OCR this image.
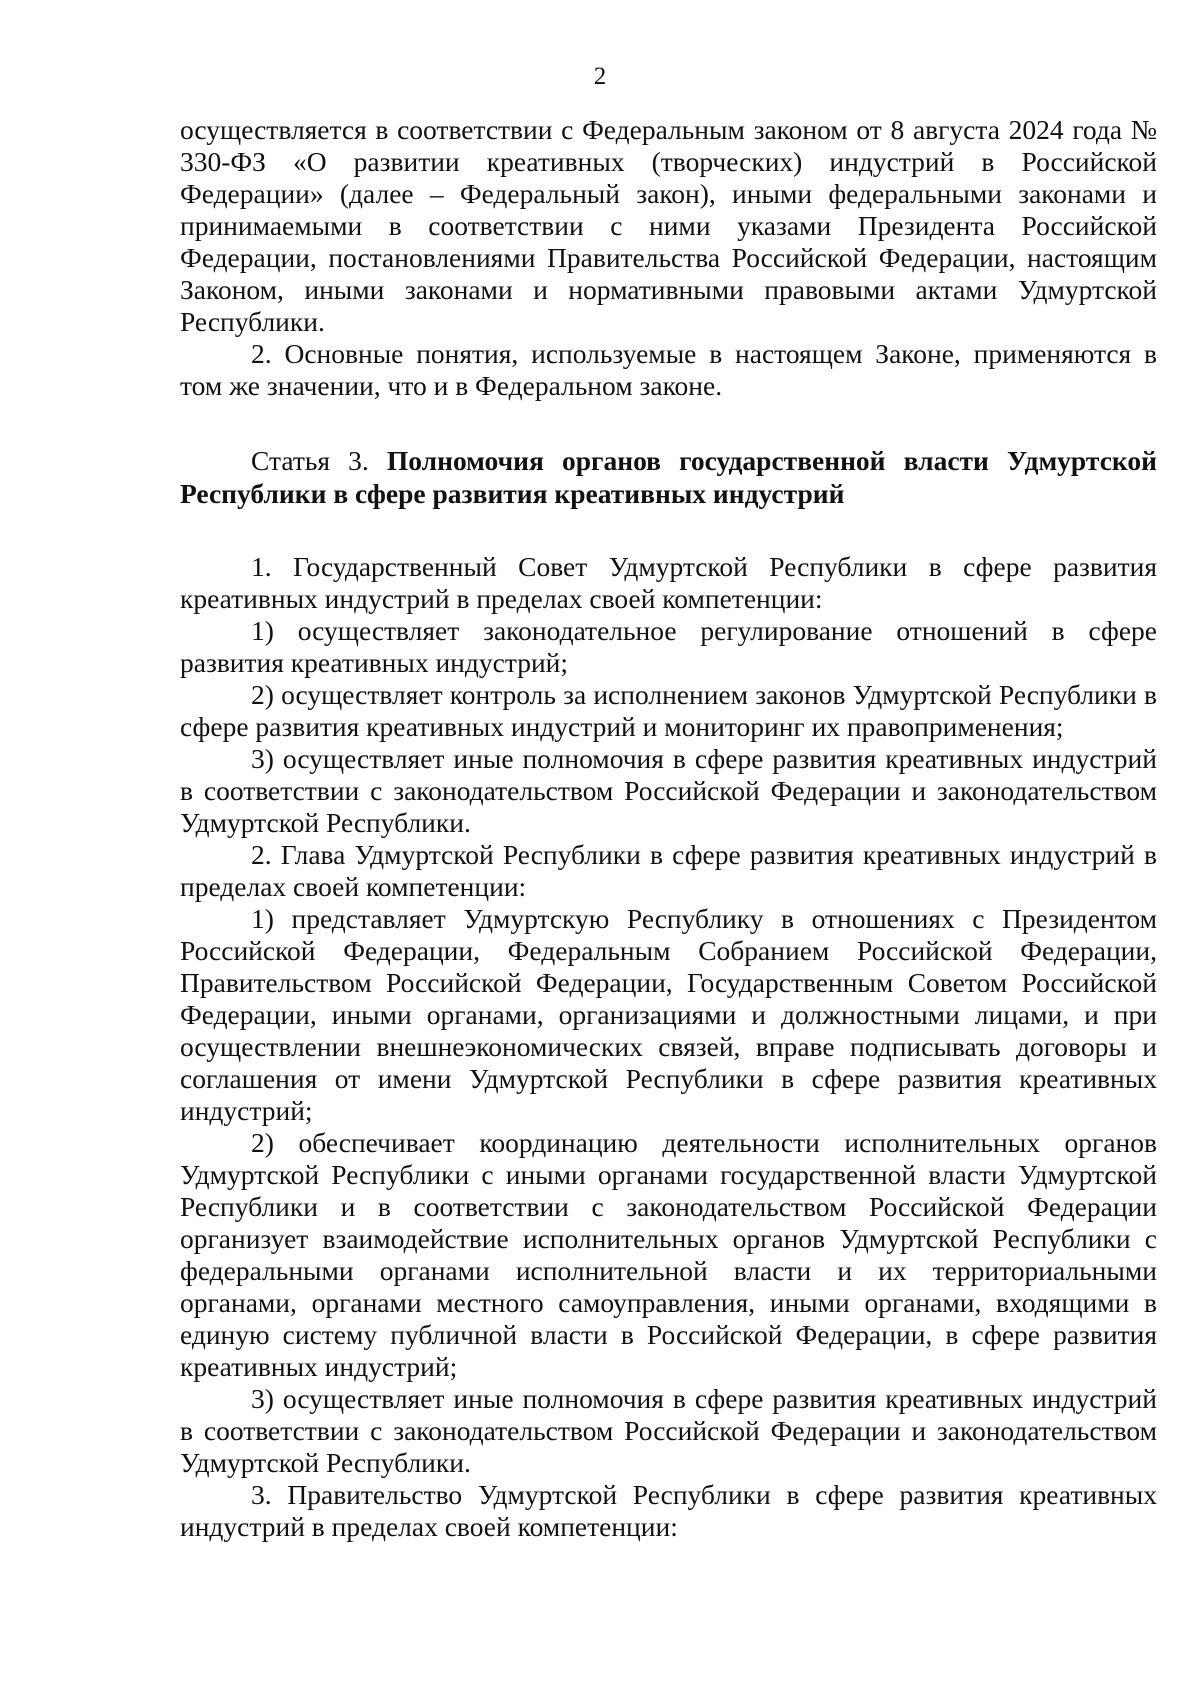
2

осуществляется в соответствии с Федеральным законом от 8 августа 2024 года № 330-ФЗ «О развитии креативных (творческих) индустрий в Российской Федерации» (далее – Федеральный закон), иными федеральными законами и принимаемыми в соответствии с ними указами Президента Российской Федерации, постановлениями Правительства Российской Федерации, настоящим Законом, иными законами и нормативными правовыми актами Удмуртской Республики.

2. Основные понятия, используемые в настоящем Законе, применяются в том же значении, что и в Федеральном законе.

Статья 3. Полномочия органов государственной власти Удмуртской Республики в сфере развития креативных индустрий

1. Государственный Совет Удмуртской Республики в сфере развития креативных индустрий в пределах своей компетенции:

1) осуществляет законодательное регулирование отношений в сфере развития креативных индустрий;

2) осуществляет контроль за исполнением законов Удмуртской Республики в сфере развития креативных индустрий и мониторинг их правоприменения;

3) осуществляет иные полномочия в сфере развития креативных индустрий в соответствии с законодательством Российской Федерации и законодательством Удмуртской Республики.

2. Глава Удмуртской Республики в сфере развития креативных индустрий в пределах своей компетенции:

1) представляет Удмуртскую Республику в отношениях с Президентом Российской Федерации, Федеральным Собранием Российской Федерации, Правительством Российской Федерации, Государственным Советом Российской Федерации, иными органами, организациями и должностными лицами, и при осуществлении внешнеэкономических связей, вправе подписывать договоры и соглашения от имени Удмуртской Республики в сфере развития креативных индустрий;

2) обеспечивает координацию деятельности исполнительных органов Удмуртской Республики с иными органами государственной власти Удмуртской Республики и в соответствии с законодательством Российской Федерации организует взаимодействие исполнительных органов Удмуртской Республики с федеральными органами исполнительной власти и их территориальными органами, органами местного самоуправления, иными органами, входящими в единую систему публичной власти в Российской Федерации, в сфере развития креативных индустрий;

3) осуществляет иные полномочия в сфере развития креативных индустрий в соответствии с законодательством Российской Федерации и законодательством Удмуртской Республики.

3. Правительство Удмуртской Республики в сфере развития креативных индустрий в пределах своей компетенции:
